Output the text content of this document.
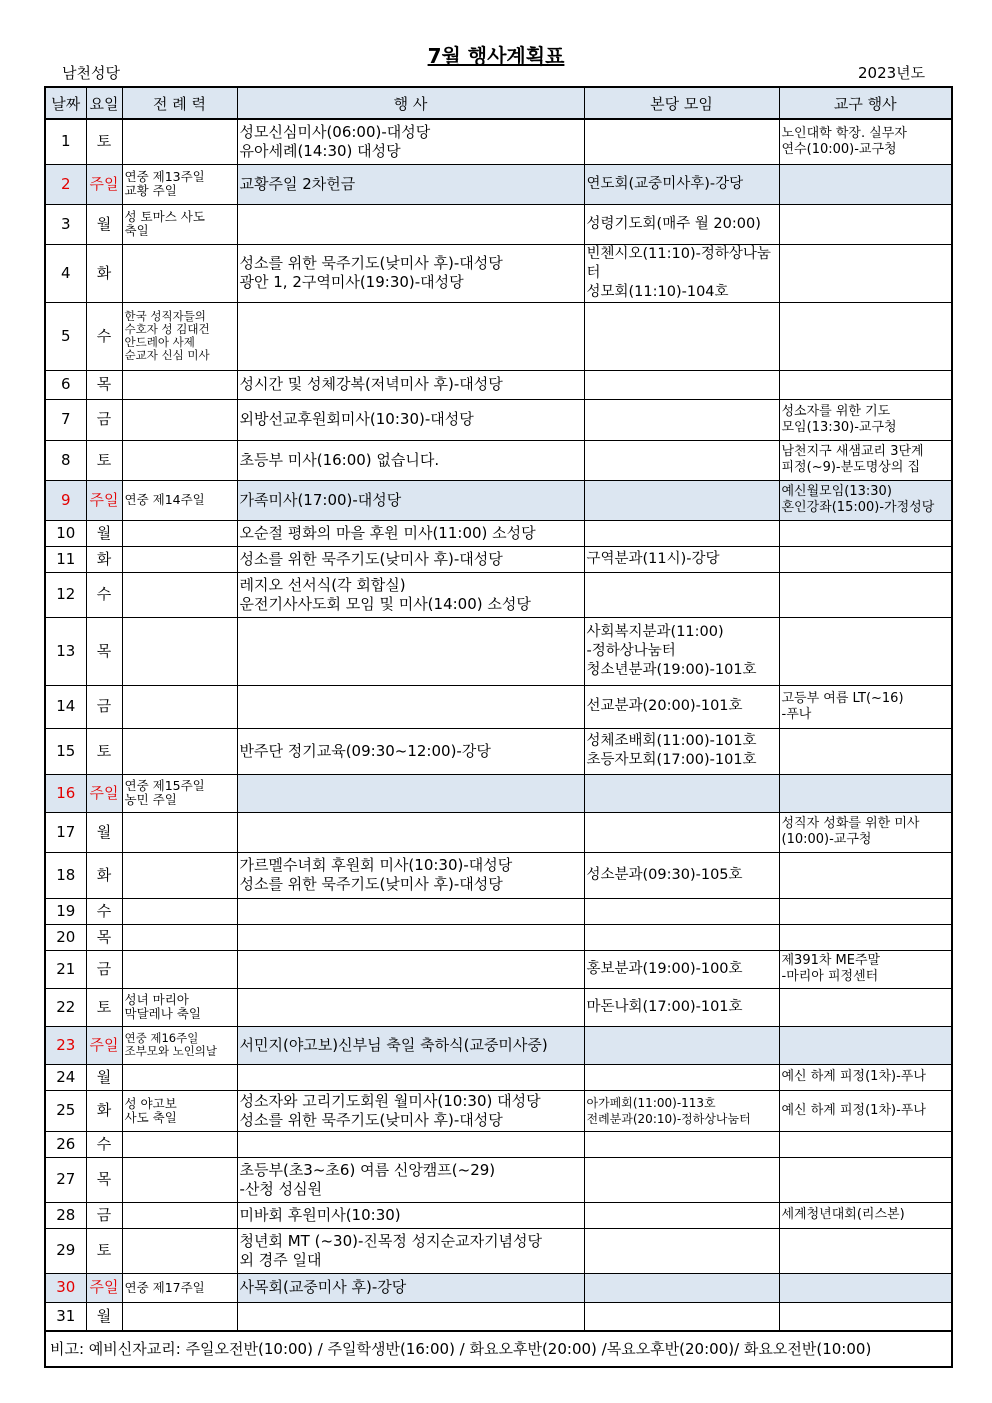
7월 행사계획표
남천성당	2023년도
날짜	요일	전 례 력	행 사	본당 모임	교구 행사
1	토		성모신심미사(06:00)-대성당
유아세례(14:30) 대성당		노인대학 학장. 실무자
연수(10:00)-교구청
2	주일	연중 제13주일
교황 주일	교황주일 2차헌금	연도회(교중미사후)-강당	
3	월	성 토마스 사도
축일		성령기도회(매주 월 20:00)	
4	화		성소를 위한 묵주기도(낮미사 후)-대성당
광안 1, 2구역미사(19:30)-대성당	빈첸시오(11:10)-정하상나눔터
성모회(11:10)-104호	
5	수	한국 성직자들의
수호자 성 김대건
안드레아 사제
순교자 신심 미사			
6	목		성시간 및 성체강복(저녁미사 후)-대성당		
7	금		외방선교후원회미사(10:30)-대성당		성소자를 위한 기도
모임(13:30)-교구청
8	토		초등부 미사(16:00) 없습니다.		남천지구 새샘교리 3단계
피정(~9)-분도명상의 집
9	주일	연중 제14주일	가족미사(17:00)-대성당		예신월모임(13:30)
혼인강좌(15:00)-가정성당
10	월		오순절 평화의 마을 후원 미사(11:00) 소성당		
11	화		성소를 위한 묵주기도(낮미사 후)-대성당	구역분과(11시)-강당	
12	수		레지오 선서식(각 회합실)
운전기사사도회 모임 및 미사(14:00) 소성당		
13	목			사회복지분과(11:00)
-정하상나눔터
청소년분과(19:00)-101호	
14	금			선교분과(20:00)-101호	고등부 여름 LT(~16)
-푸나
15	토		반주단 정기교육(09:30~12:00)-강당	성체조배회(11:00)-101호
초등자모회(17:00)-101호	
16	주일	연중 제15주일
농민 주일			
17	월				성직자 성화를 위한 미사
(10:00)-교구청
18	화		가르멜수녀회 후원회 미사(10:30)-대성당
성소를 위한 묵주기도(낮미사 후)-대성당	성소분과(09:30)-105호	
19	수				
20	목				
21	금			홍보분과(19:00)-100호	제391차 ME주말
-마리아 피정센터
22	토	성녀 마리아
막달레나 축일		마돈나회(17:00)-101호	
23	주일	연중 제16주일
조부모와 노인의날	서민지(야고보)신부님 축일 축하식(교중미사중)		
24	월				예신 하계 피정(1차)-푸나
25	화	성 야고보
사도 축일	성소자와 고리기도회원 월미사(10:30) 대성당
성소를 위한 묵주기도(낮미사 후)-대성당	아가페회(11:00)-113호
전례분과(20:10)-정하상나눔터	예신 하계 피정(1차)-푸나
26	수				
27	목		초등부(초3~초6) 여름 신앙캠프(~29)
-산청 성심원		
28	금		미바회 후원미사(10:30)		세계청년대회(리스본)
29	토		청년회 MT (~30)-진목정 성지순교자기념성당
외 경주 일대		
30	주일	연중 제17주일	사목회(교중미사 후)-강당		
31	월				
비고: 예비신자교리: 주일오전반(10:00) / 주일학생반(16:00) / 화요오후반(20:00) /목요오후반(20:00)/ 화요오전반(10:00)					
